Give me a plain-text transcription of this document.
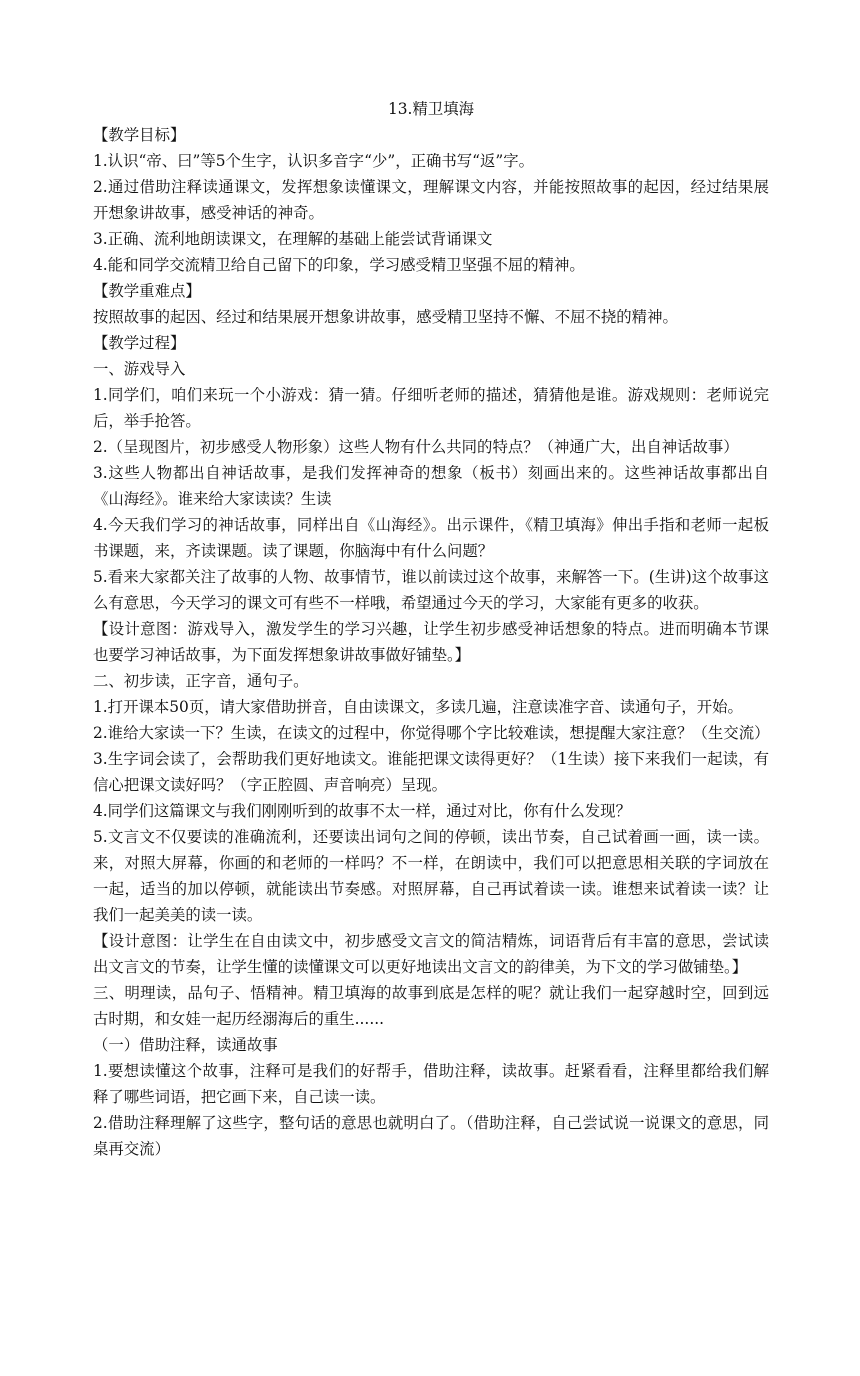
13.精卫填海

【教学目标】

1.认识“帝、曰”等5个生字，认识多音字“少”，正确书写“返”字。

2.通过借助注释读通课文，发挥想象读懂课文，理解课文内容，并能按照故事的起因，经过结果展开想象讲故事，感受神话的神奇。

3.正确、流利地朗读课文，在理解的基础上能尝试背诵课文

4.能和同学交流精卫给自己留下的印象，学习感受精卫坚强不屈的精神。

【教学重难点】

按照故事的起因、经过和结果展开想象讲故事，感受精卫坚持不懈、不屈不挠的精神。

【教学过程】

一、游戏导入

1.同学们，咱们来玩一个小游戏：猜一猜。仔细听老师的描述，猜猜他是谁。游戏规则：老师说完后，举手抢答。

2.（呈现图片，初步感受人物形象）这些人物有什么共同的特点？（神通广大，出自神话故事）

3.这些人物都出自神话故事，是我们发挥神奇的想象（板书）刻画出来的。这些神话故事都出自《山海经》。谁来给大家读读？生读

4.今天我们学习的神话故事，同样出自《山海经》。出示课件，《精卫填海》伸出手指和老师一起板书课题，来，齐读课题。读了课题，你脑海中有什么问题？

5.看来大家都关注了故事的人物、故事情节，谁以前读过这个故事，来解答一下。(生讲)这个故事这么有意思，今天学习的课文可有些不一样哦，希望通过今天的学习，大家能有更多的收获。

【设计意图：游戏导入，激发学生的学习兴趣，让学生初步感受神话想象的特点。进而明确本节课也要学习神话故事，为下面发挥想象讲故事做好铺垫。】

二、初步读，正字音，通句子。

1.打开课本50页，请大家借助拼音，自由读课文，多读几遍，注意读准字音、读通句子，开始。

2.谁给大家读一下？生读，在读文的过程中，你觉得哪个字比较难读，想提醒大家注意？（生交流）

3.生字词会读了，会帮助我们更好地读文。谁能把课文读得更好？（1生读）接下来我们一起读，有信心把课文读好吗？（字正腔圆、声音响亮）呈现。

4.同学们这篇课文与我们刚刚听到的故事不太一样，通过对比，你有什么发现？

5.文言文不仅要读的准确流利，还要读出词句之间的停顿，读出节奏，自己试着画一画，读一读。来，对照大屏幕，你画的和老师的一样吗？不一样，在朗读中，我们可以把意思相关联的字词放在一起，适当的加以停顿，就能读出节奏感。对照屏幕，自己再试着读一读。谁想来试着读一读？让我们一起美美的读一读。

【设计意图：让学生在自由读文中，初步感受文言文的简洁精炼，词语背后有丰富的意思，尝试读出文言文的节奏，让学生懂的读懂课文可以更好地读出文言文的韵律美，为下文的学习做铺垫。】

三、明理读，品句子、悟精神。精卫填海的故事到底是怎样的呢？就让我们一起穿越时空，回到远古时期，和女娃一起历经溺海后的重生......

（一）借助注释，读通故事

1.要想读懂这个故事，注释可是我们的好帮手，借助注释，读故事。赶紧看看，注释里都给我们解释了哪些词语，把它画下来，自己读一读。

2.借助注释理解了这些字，整句话的意思也就明白了。（借助注释，自己尝试说一说课文的意思，同桌再交流）
